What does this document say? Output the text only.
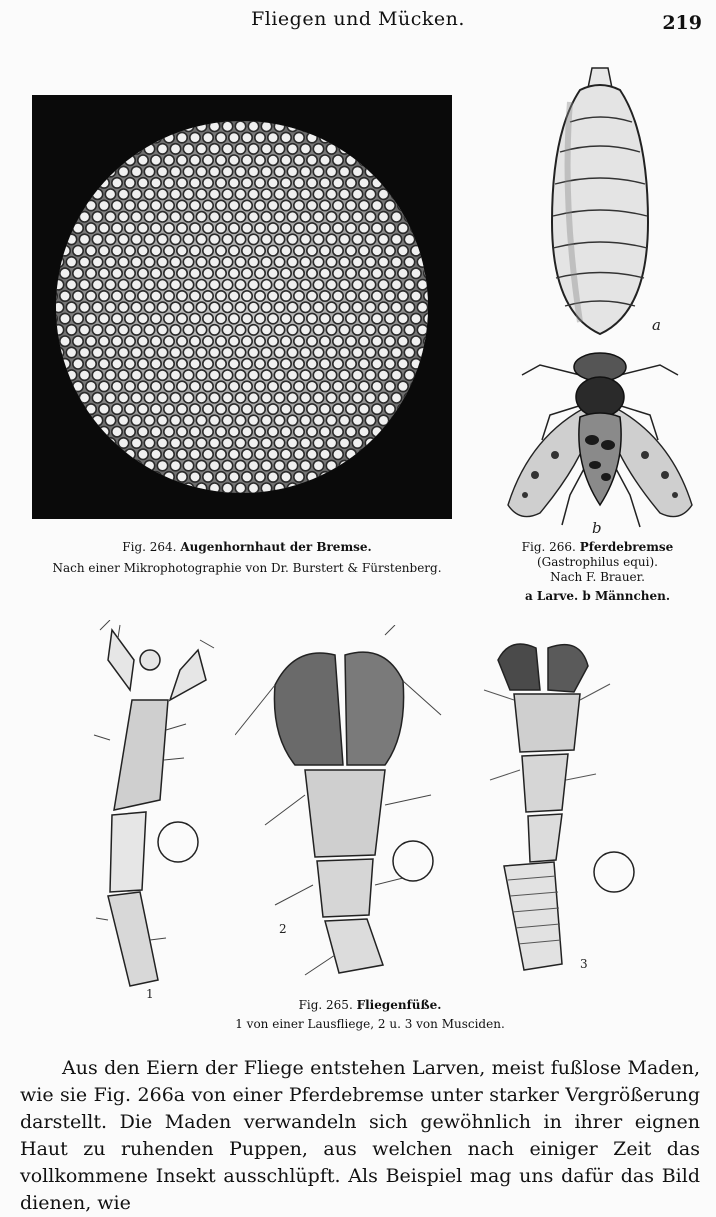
Fliegen und Mücken.	219
a
b
Fig. 264. Augenhornhaut der Bremse.
Nach einer Mikrophotographie von Dr. Burstert & Fürstenberg.
Fig. 266. Pferdebremse
(Gastrophilus equi).
Nach F. Brauer.
a Larve. b Männchen.
1
2
3
Fig. 265. Fliegenfüße.
1 von einer Lausfliege, 2 u. 3 von Musciden.

Aus den Eiern der Fliege entstehen Larven, meist fußlose Maden, wie sie Fig. 266a von einer Pferdebremse unter starker Vergrößerung darstellt. Die Maden verwandeln sich gewöhnlich in ihrer eignen Haut zu ruhenden Puppen, aus welchen nach einiger Zeit das vollkommene Insekt ausschlüpft. Als Beispiel mag uns dafür das Bild dienen, wie
